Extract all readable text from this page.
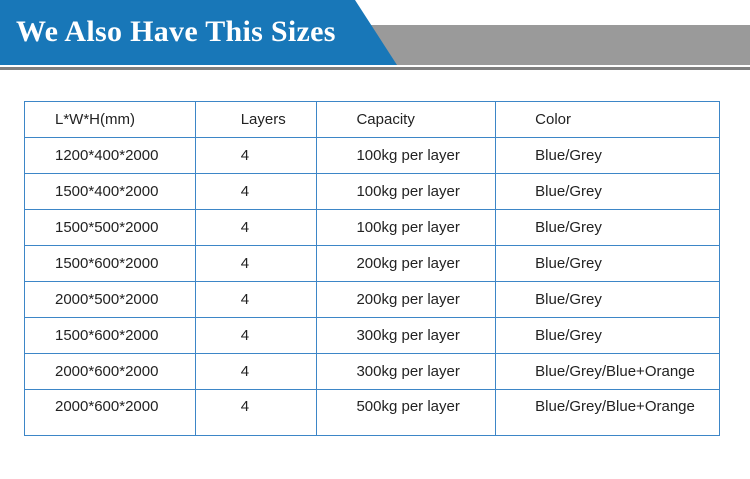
We Also Have This Sizes
L*W*H(mm)	Layers	Capacity	Color
1200*400*2000	4	100kg per layer	Blue/Grey
1500*400*2000	4	100kg per layer	Blue/Grey
1500*500*2000	4	100kg per layer	Blue/Grey
1500*600*2000	4	200kg per layer	Blue/Grey
2000*500*2000	4	200kg per layer	Blue/Grey
1500*600*2000	4	300kg per layer	Blue/Grey
2000*600*2000	4	300kg per layer	Blue/Grey/Blue+Orange
2000*600*2000	4	500kg per layer	Blue/Grey/Blue+Orange
